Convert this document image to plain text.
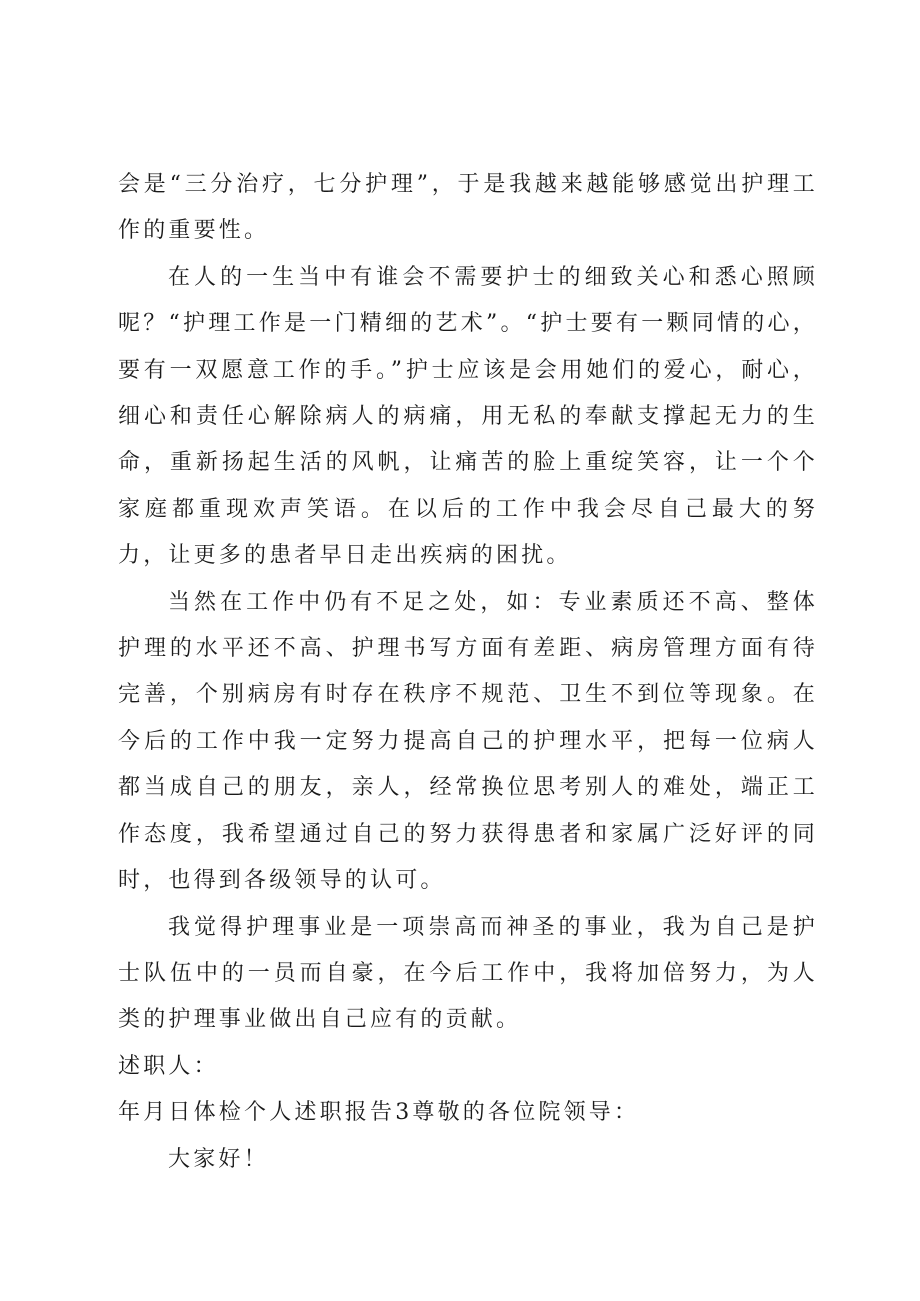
会是“三分治疗，七分护理”，于是我越来越能够感觉出护理工作的重要性。

在人的一生当中有谁会不需要护士的细致关心和悉心照顾呢？“护理工作是一门精细的艺术”。“护士要有一颗同情的心，要有一双愿意工作的手。”护士应该是会用她们的爱心，耐心，细心和责任心解除病人的病痛，用无私的奉献支撑起无力的生命，重新扬起生活的风帆，让痛苦的脸上重绽笑容，让一个个家庭都重现欢声笑语。在以后的工作中我会尽自己最大的努力，让更多的患者早日走出疾病的困扰。

当然在工作中仍有不足之处，如：专业素质还不高、整体护理的水平还不高、护理书写方面有差距、病房管理方面有待完善，个别病房有时存在秩序不规范、卫生不到位等现象。在今后的工作中我一定努力提高自己的护理水平，把每一位病人都当成自己的朋友，亲人，经常换位思考别人的难处，端正工作态度，我希望通过自己的努力获得患者和家属广泛好评的同时，也得到各级领导的认可。

我觉得护理事业是一项崇高而神圣的事业，我为自己是护士队伍中的一员而自豪，在今后工作中，我将加倍努力，为人类的护理事业做出自己应有的贡献。

述职人：

年月日体检个人述职报告3尊敬的各位院领导：

大家好！
